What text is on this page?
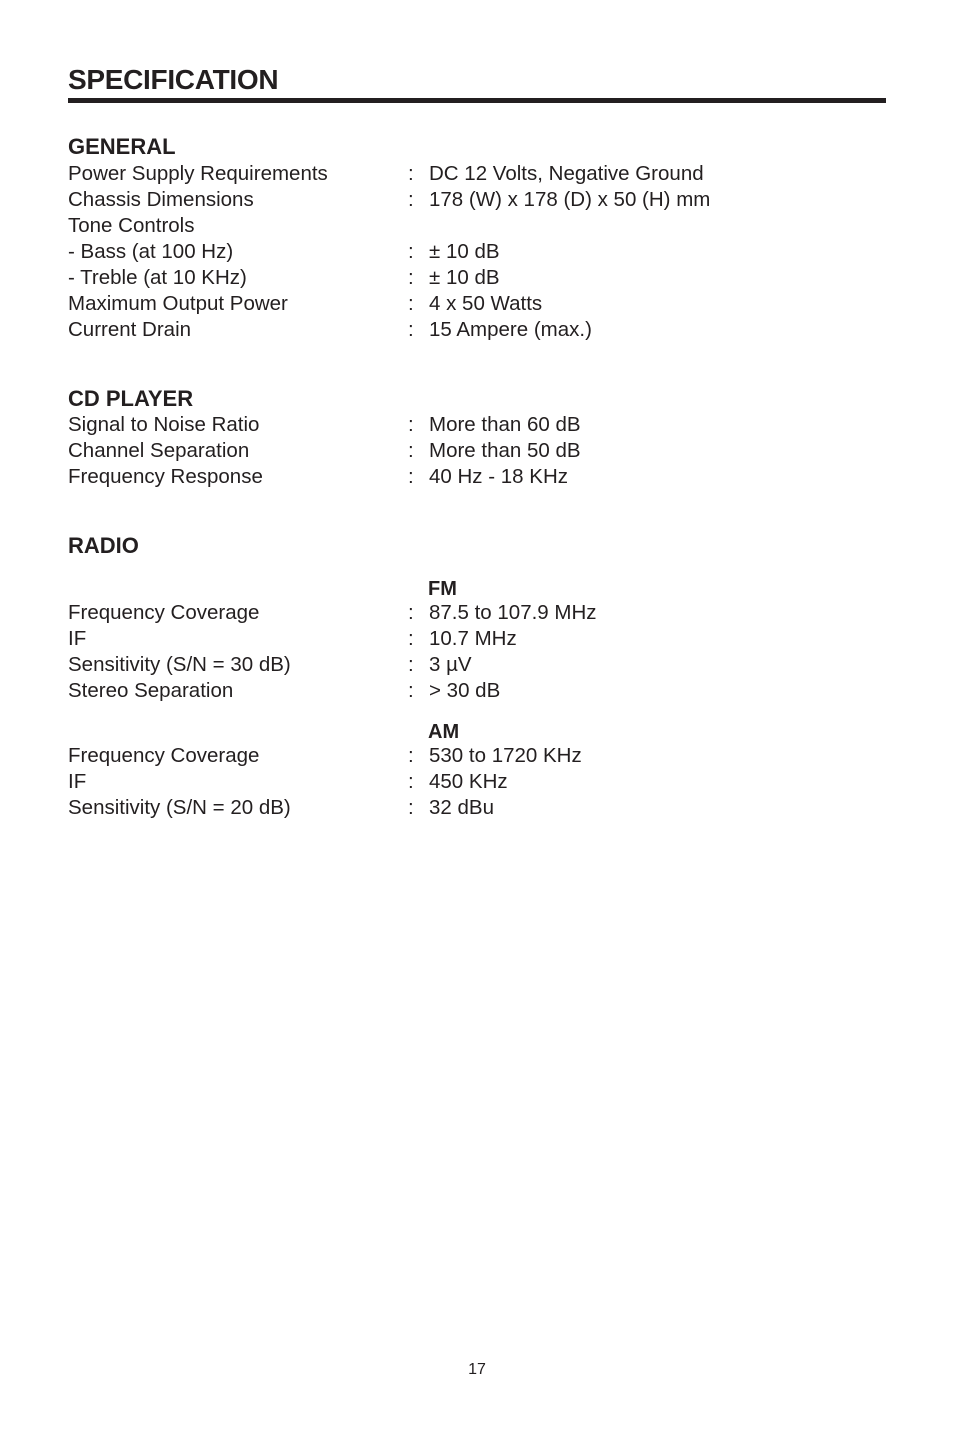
SPECIFICATION
GENERAL
Power Supply Requirements	: DC 12 Volts, Negative Ground
Chassis Dimensions	: 178 (W) x 178 (D) x 50 (H) mm
Tone Controls
- Bass (at 100 Hz)	: ± 10 dB
- Treble (at 10 KHz)	: ± 10 dB
Maximum Output Power	: 4 x 50 Watts
Current Drain	: 15 Ampere (max.)
CD PLAYER
Signal to Noise Ratio	: More than 60 dB
Channel Separation	: More than 50 dB
Frequency Response	: 40 Hz - 18 KHz
RADIO
FM
Frequency Coverage	: 87.5 to 107.9 MHz
IF	: 10.7 MHz
Sensitivity (S/N = 30 dB)	: 3 µV
Stereo Separation	: > 30 dB
AM
Frequency Coverage	: 530 to 1720 KHz
IF	: 450 KHz
Sensitivity (S/N = 20 dB)	: 32 dBu
17
